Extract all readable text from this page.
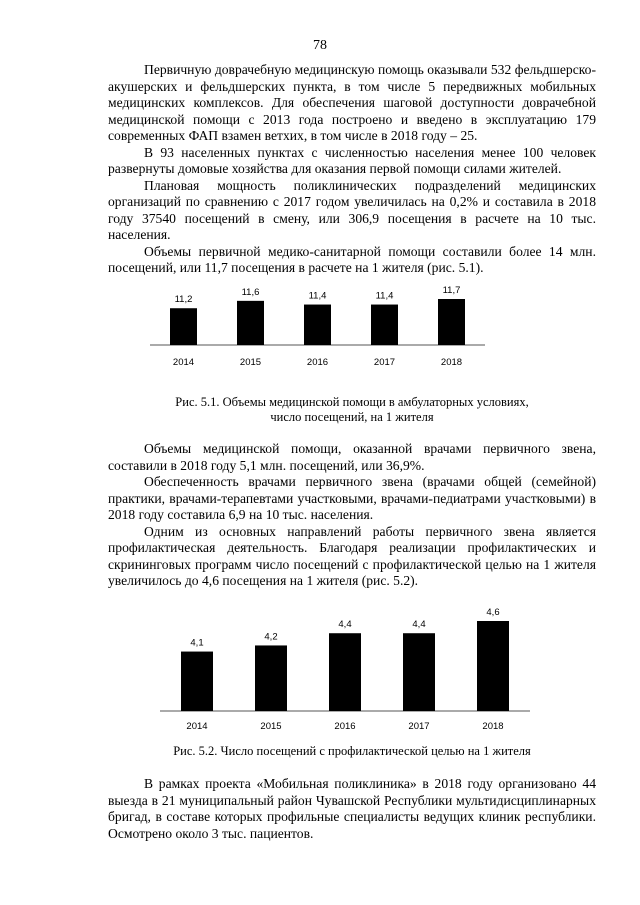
78

Первичную доврачебную медицинскую помощь оказывали 532 фельдшерско-акушерских и фельдшерских пункта, в том числе 5 передвижных мобильных медицинских комплексов. Для обеспечения шаговой доступности доврачебной медицинской помощи с 2013 года построено и введено в эксплуатацию 179 современных ФАП взамен ветхих, в том числе в 2018 году – 25.

В 93 населенных пунктах с численностью населения менее 100 человек развернуты домовые хозяйства для оказания первой помощи силами жителей.

Плановая мощность поликлинических подразделений медицинских организаций по сравнению с 2017 годом увеличилась на 0,2% и составила в 2018 году 37540 посещений в смену, или 306,9 посещения в расчете на 10 тыс. населения.

Объемы первичной медико-санитарной помощи составили более 14 млн. посещений, или 11,7 посещения в расчете на 1 жителя (рис. 5.1).

11,2
2014
11,6
2015
11,4
2016
11,4
2017
11,7
2018
Рис. 5.1. Объемы медицинской помощи в амбулаторных условиях,
число посещений, на 1 жителя

Объемы медицинской помощи, оказанной врачами первичного звена, составили в 2018 году 5,1 млн. посещений, или 36,9%.

Обеспеченность врачами первичного звена (врачами общей (семейной) практики, врачами-терапевтами участковыми, врачами-педиатрами участковыми) в 2018 году составила 6,9 на 10 тыс. населения.

Одним из основных направлений работы первичного звена является профилактическая деятельность. Благодаря реализации профилактических и скрининговых программ число посещений с профилактической целью на 1 жителя увеличилось до 4,6 посещения на 1 жителя (рис. 5.2).

4,1
2014
4,2
2015
4,4
2016
4,4
2017
4,6
2018
Рис. 5.2. Число посещений с профилактической целью на 1 жителя

В рамках проекта «Мобильная поликлиника» в 2018 году организовано 44 выезда в 21 муниципальный район Чувашской Республики мультидисциплинарных бригад, в составе которых профильные специалисты ведущих клиник республики. Осмотрено около 3 тыс. пациентов.
